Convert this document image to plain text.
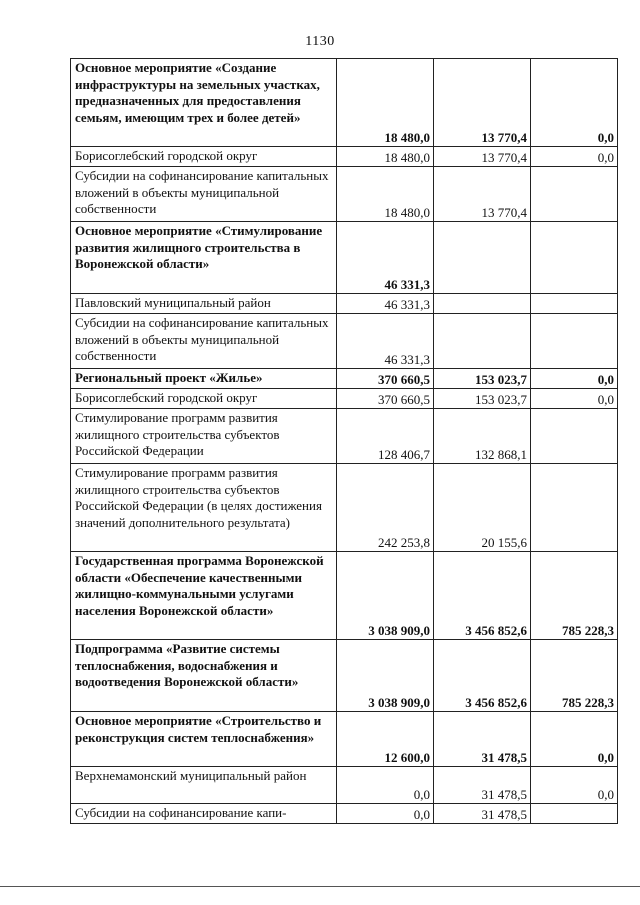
1130
Основное мероприятие «Создание инфраструктуры на земельных участках, предназначенных для предоставления семьям, имеющим трех и более детей»	18 480,0	13 770,4	0,0
Борисоглебский городской округ	18 480,0	13 770,4	0,0
Субсидии на софинансирование капитальных вложений в объекты муниципальной собственности	18 480,0	13 770,4	
Основное мероприятие «Стимулирование развития жилищного строительства в Воронежской области»	46 331,3		
Павловский муниципальный район	46 331,3		
Субсидии на софинансирование капитальных вложений в объекты муниципальной собственности	46 331,3		
Региональный проект «Жилье»	370 660,5	153 023,7	0,0
Борисоглебский городской округ	370 660,5	153 023,7	0,0
Стимулирование программ развития жилищного строительства субъектов Российской Федерации	128 406,7	132 868,1	
Стимулирование программ развития жилищного строительства субъектов Российской Федерации (в целях достижения значений дополнительного результата)	242 253,8	20 155,6	
Государственная программа Воронежской области «Обеспечение качественными жилищно-коммунальными услугами населения Воронежской области»	3 038 909,0	3 456 852,6	785 228,3
Подпрограмма «Развитие системы теплоснабжения, водоснабжения и водоотведения Воронежской области»	3 038 909,0	3 456 852,6	785 228,3
Основное мероприятие «Строительство и реконструкция систем теплоснабжения»	12 600,0	31 478,5	0,0
Верхнемамонский муниципальный район	0,0	31 478,5	0,0
Субсидии на софинансирование капи-	0,0	31 478,5	
